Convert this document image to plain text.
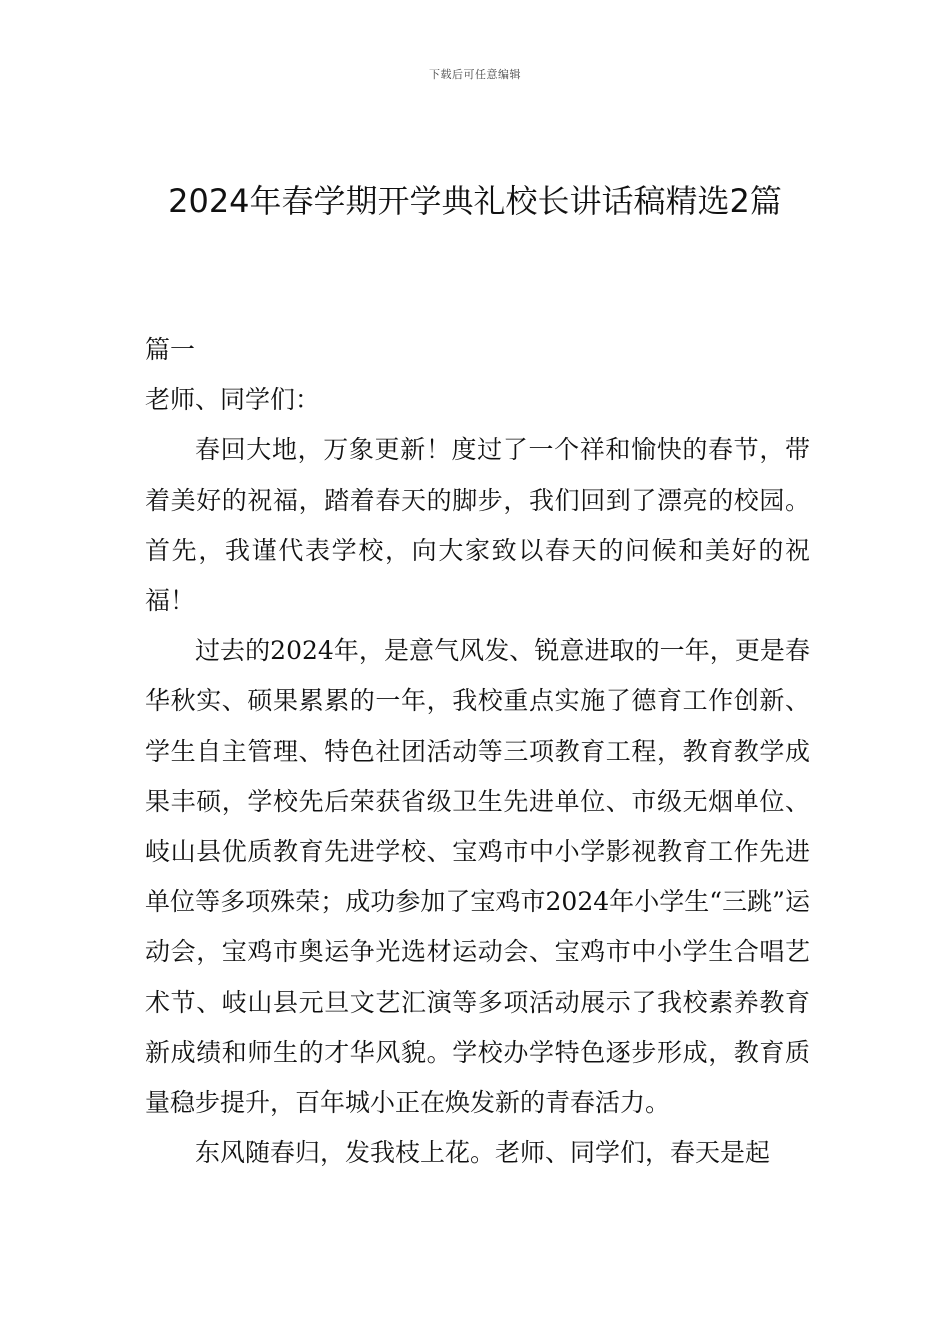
下载后可任意编辑
2024年春学期开学典礼校长讲话稿精选2篇

篇一

老师、同学们：

春回大地，万象更新！度过了一个祥和愉快的春节，带着美好的祝福，踏着春天的脚步，我们回到了漂亮的校园。首先，我谨代表学校，向大家致以春天的问候和美好的祝福！

过去的2024年，是意气风发、锐意进取的一年，更是春华秋实、硕果累累的一年，我校重点实施了德育工作创新、学生自主管理、特色社团活动等三项教育工程，教育教学成果丰硕，学校先后荣获省级卫生先进单位、市级无烟单位、岐山县优质教育先进学校、宝鸡市中小学影视教育工作先进单位等多项殊荣；成功参加了宝鸡市2024年小学生“三跳”运动会，宝鸡市奥运争光选材运动会、宝鸡市中小学生合唱艺术节、岐山县元旦文艺汇演等多项活动展示了我校素养教育新成绩和师生的才华风貌。学校办学特色逐步形成，教育质量稳步提升，百年城小正在焕发新的青春活力。

东风随春归，发我枝上花。老师、同学们，春天是起
